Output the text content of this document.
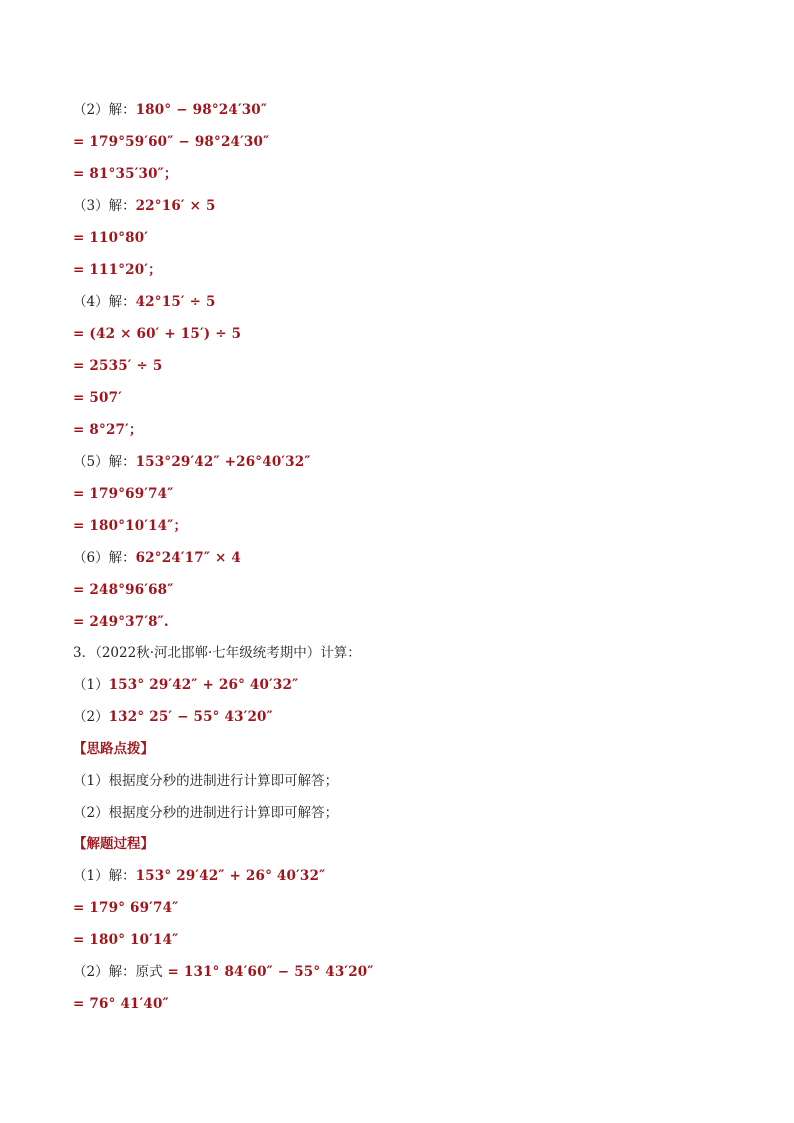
（2）解：180° − 98°24′30″
= 179°59′60″ − 98°24′30″
= 81°35′30″；
（3）解：22°16′ × 5
= 110°80′
= 111°20′；
（4）解：42°15′ ÷ 5
= (42 × 60′ + 15′) ÷ 5
= 2535′ ÷ 5
= 507′
= 8°27′；
（5）解：153°29′42″ +26°40′32″
= 179°69′74″
= 180°10′14″；
（6）解：62°24′17″ × 4
= 248°96′68″
= 249°37′8″.
3．（2022秋·河北邯郸·七年级统考期中）计算：
（1）153° 29′42″ + 26° 40′32″
（2）132° 25′ − 55° 43′20″
【思路点拨】
（1）根据度分秒的进制进行计算即可解答；
（2）根据度分秒的进制进行计算即可解答；
【解题过程】
（1）解：153° 29′42″ + 26° 40′32″
= 179° 69′74″
= 180° 10′14″
（2）解：原式 = 131° 84′60″ − 55° 43′20″
= 76° 41′40″
